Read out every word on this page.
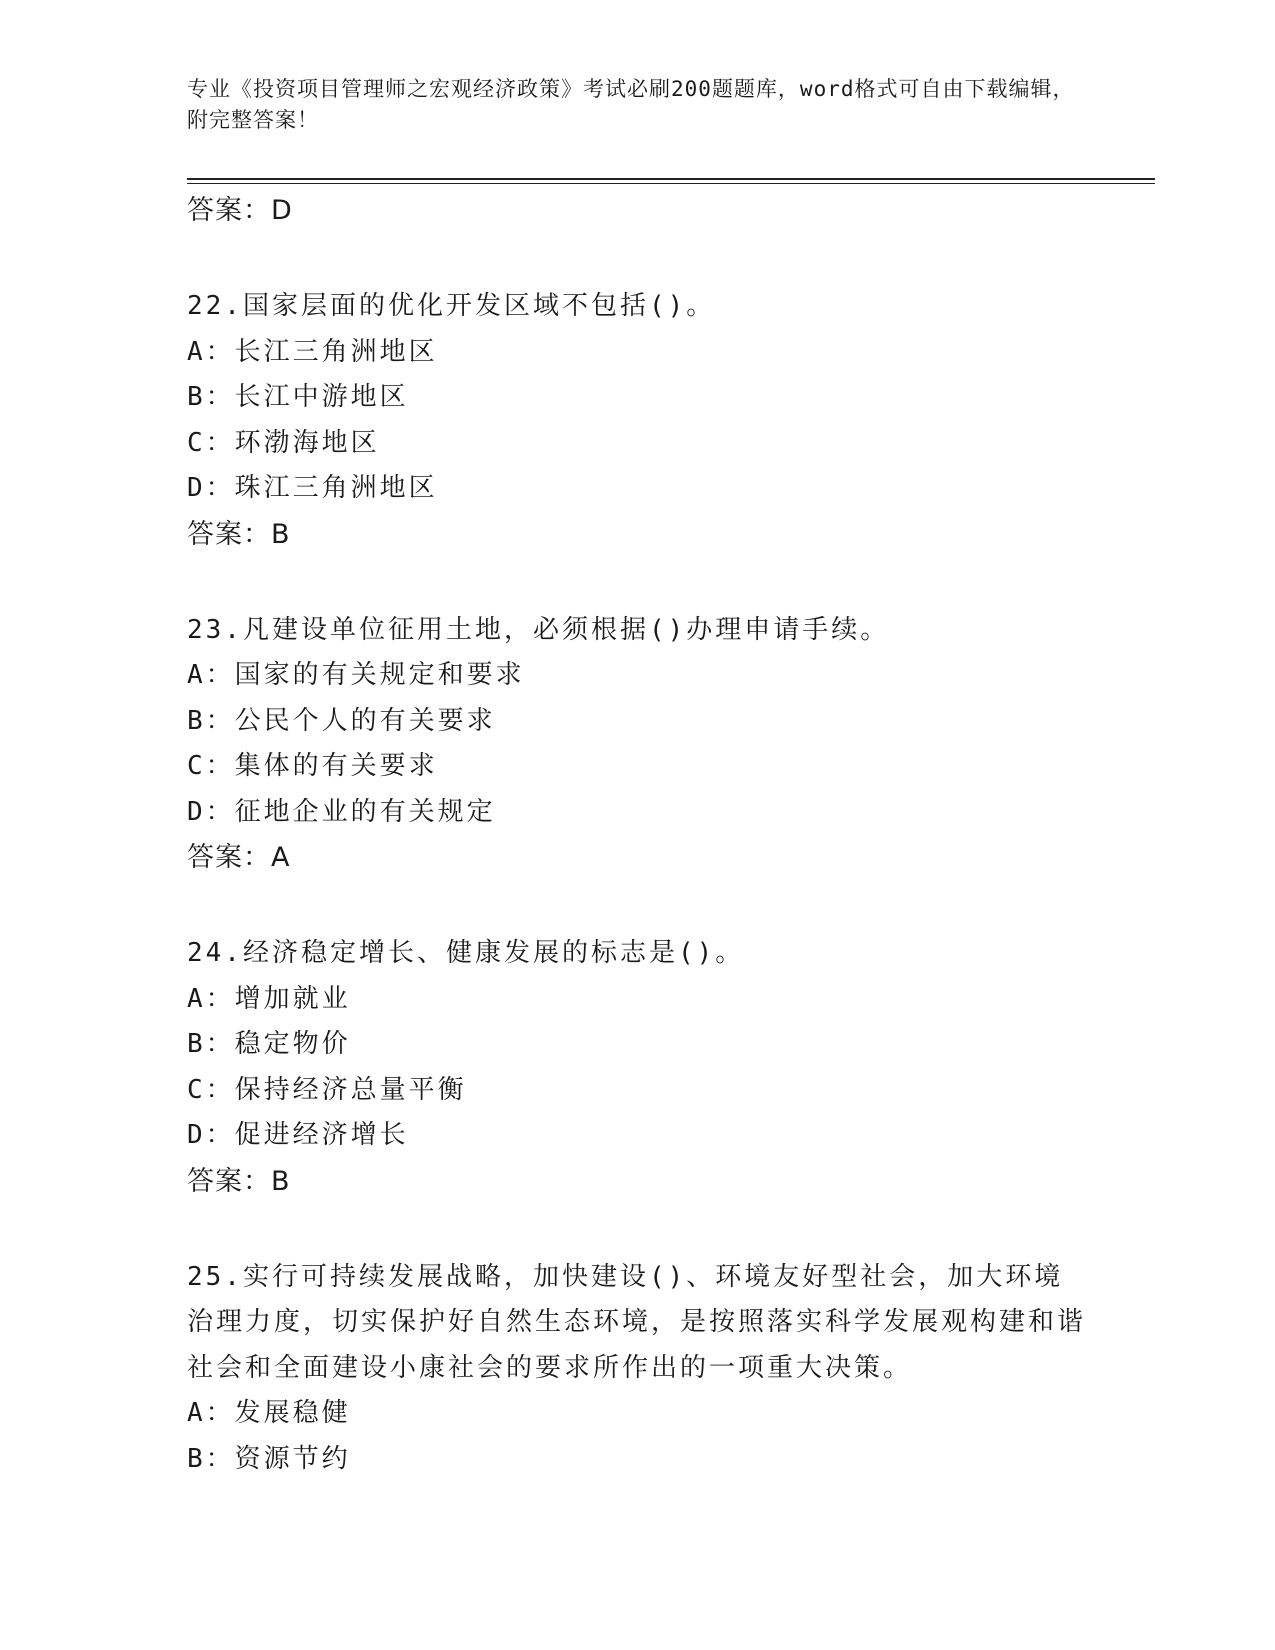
专业《投资项目管理师之宏观经济政策》考试必刷200题题库，word格式可自由下载编辑，附完整答案！
答案：D
22.国家层面的优化开发区域不包括()。
A：长江三角洲地区
B：长江中游地区
C：环渤海地区
D：珠江三角洲地区
答案：B
23.凡建设单位征用土地，必须根据()办理申请手续。
A：国家的有关规定和要求
B：公民个人的有关要求
C：集体的有关要求
D：征地企业的有关规定
答案：A
24.经济稳定增长、健康发展的标志是()。
A：增加就业
B：稳定物价
C：保持经济总量平衡
D：促进经济增长
答案：B
25.实行可持续发展战略，加快建设()、环境友好型社会，加大环境治理力度，切实保护好自然生态环境，是按照落实科学发展观构建和谐社会和全面建设小康社会的要求所作出的一项重大决策。
A：发展稳健
B：资源节约
